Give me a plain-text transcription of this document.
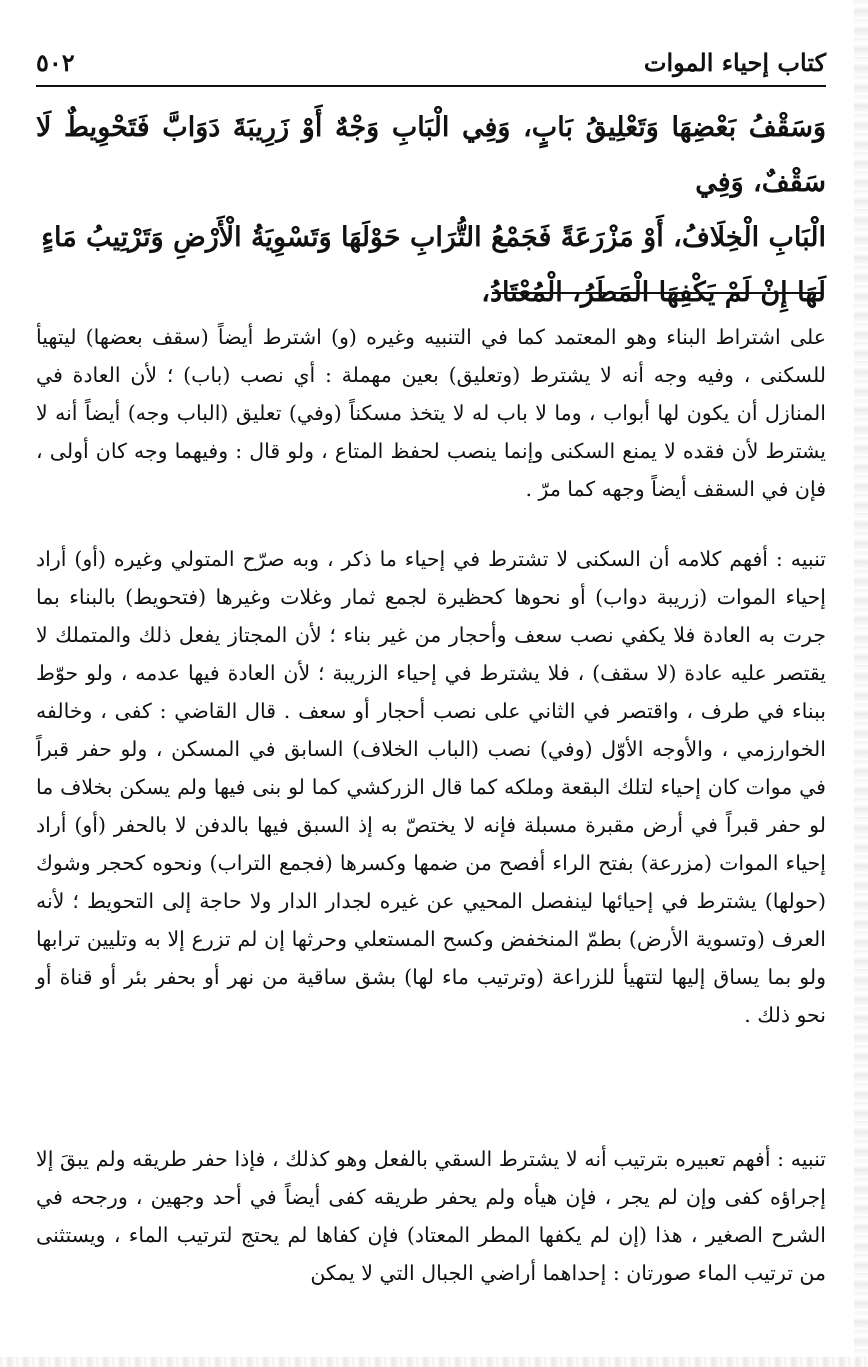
كتاب إحياء الموات
٥٠٢
وَسَقْفُ بَعْضِهَا وَتَعْلِيقُ بَابٍ، وَفِي الْبَابِ وَجْهٌ أَوْ زَرِيبَةَ دَوَابَّ فَتَحْوِيطٌ لَا سَقْفٌ، وَفِي
الْبَابِ الْخِلَافُ، أَوْ مَزْرَعَةً فَجَمْعُ التُّرَابِ حَوْلَهَا وَتَسْوِيَةُ الْأَرْضِ وَتَرْتِيبُ مَاءٍ
لَهَا إِنْ لَمْ يَكْفِهَا الْمَطَرُ، الْمُعْتَادُ،

على اشتراط البناء وهو المعتمد كما في التنبيه وغيره (و) اشترط أيضاً (سقف بعضها) ليتهيأ للسكنى ، وفيه وجه أنه لا يشترط (وتعليق) بعين مهملة : أي نصب (باب) ؛ لأن العادة في المنازل أن يكون لها أبواب ، وما لا باب له لا يتخذ مسكناً (وفي) تعليق (الباب وجه) أيضاً أنه لا يشترط لأن فقده لا يمنع السكنى وإنما ينصب لحفظ المتاع ، ولو قال : وفيهما وجه كان أولى ، فإن في السقف أيضاً وجهه كما مرّ .

تنبيه : أفهم كلامه أن السكنى لا تشترط في إحياء ما ذكر ، وبه صرّح المتولي وغيره (أو) أراد إحياء الموات (زريبة دواب) أو نحوها كحظيرة لجمع ثمار وغلات وغيرها (فتحويط) بالبناء بما جرت به العادة فلا يكفي نصب سعف وأحجار من غير بناء ؛ لأن المجتاز يفعل ذلك والمتملك لا يقتصر عليه عادة (لا سقف) ، فلا يشترط في إحياء الزريبة ؛ لأن العادة فيها عدمه ، ولو حوّط ببناء في طرف ، واقتصر في الثاني على نصب أحجار أو سعف . قال القاضي : كفى ، وخالفه الخوارزمي ، والأوجه الأوّل (وفي) نصب (الباب الخلاف) السابق في المسكن ، ولو حفر قبراً في موات كان إحياء لتلك البقعة وملكه كما قال الزركشي كما لو بنى فيها ولم يسكن بخلاف ما لو حفر قبراً في أرض مقبرة مسبلة فإنه لا يختصّ به إذ السبق فيها بالدفن لا بالحفر (أو) أراد إحياء الموات (مزرعة) بفتح الراء أفصح من ضمها وكسرها (فجمع التراب) ونحوه كحجر وشوك (حولها) يشترط في إحيائها لينفصل المحيي عن غيره لجدار الدار ولا حاجة إلى التحويط ؛ لأنه العرف (وتسوية الأرض) بطمّ المنخفض وكسح المستعلي وحرثها إن لم تزرع إلا به وتليين ترابها ولو بما يساق إليها لتتهيأ للزراعة (وترتيب ماء لها) بشق ساقية من نهر أو بحفر بئر أو قناة أو نحو ذلك .

تنبيه : أفهم تعبيره بترتيب أنه لا يشترط السقي بالفعل وهو كذلك ، فإذا حفر طريقه ولم يبقَ إلا إجراؤه كفى وإن لم يجر ، فإن هيأه ولم يحفر طريقه كفى أيضاً في أحد وجهين ، ورجحه في الشرح الصغير ، هذا (إن لم يكفها المطر المعتاد) فإن كفاها لم يحتج لترتيب الماء ، ويستثنى من ترتيب الماء صورتان : إحداهما أراضي الجبال التي لا يمكن
